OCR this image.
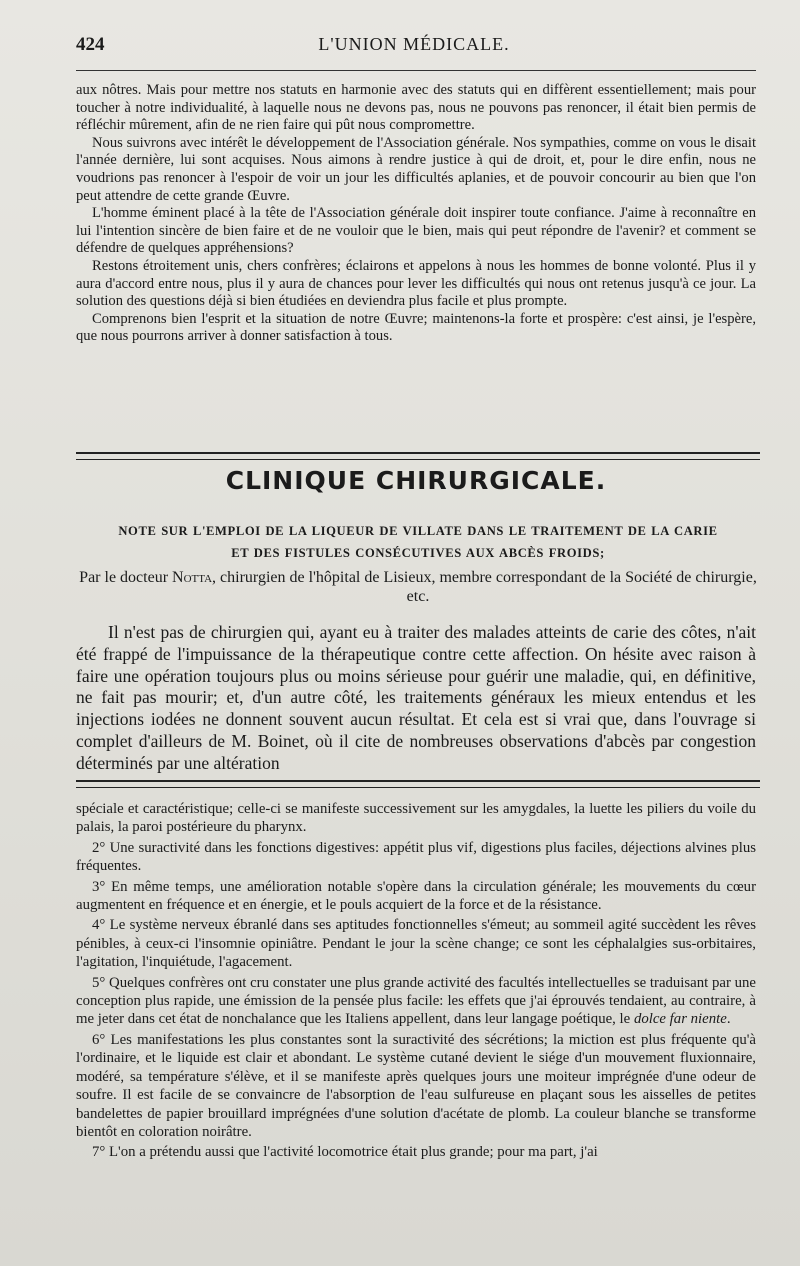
424	L'UNION MÉDICALE.

aux nôtres. Mais pour mettre nos statuts en harmonie avec des statuts qui en diffèrent essentiellement; mais pour toucher à notre individualité, à laquelle nous ne devons pas, nous ne pouvons pas renoncer, il était bien permis de réfléchir mûrement, afin de ne rien faire qui pût nous compromettre.

Nous suivrons avec intérêt le développement de l'Association générale. Nos sympathies, comme on vous le disait l'année dernière, lui sont acquises. Nous aimons à rendre justice à qui de droit, et, pour le dire enfin, nous ne voudrions pas renoncer à l'espoir de voir un jour les difficultés aplanies, et de pouvoir concourir au bien que l'on peut attendre de cette grande Œuvre.

L'homme éminent placé à la tête de l'Association générale doit inspirer toute confiance. J'aime à reconnaître en lui l'intention sincère de bien faire et de ne vouloir que le bien, mais qui peut répondre de l'avenir? et comment se défendre de quelques appréhensions?

Restons étroitement unis, chers confrères; éclairons et appelons à nous les hommes de bonne volonté. Plus il y aura d'accord entre nous, plus il y aura de chances pour lever les difficultés qui nous ont retenus jusqu'à ce jour. La solution des questions déjà si bien étudiées en deviendra plus facile et plus prompte.

Comprenons bien l'esprit et la situation de notre Œuvre; maintenons-la forte et prospère: c'est ainsi, je l'espère, que nous pourrons arriver à donner satisfaction à tous.

CLINIQUE CHIRURGICALE.
NOTE SUR L'EMPLOI DE LA LIQUEUR DE VILLATE DANS LE TRAITEMENT DE LA CARIE
ET DES FISTULES CONSÉCUTIVES AUX ABCÈS FROIDS;
Par le docteur Notta, chirurgien de l'hôpital de Lisieux, membre correspondant de la Société de chirurgie, etc.

Il n'est pas de chirurgien qui, ayant eu à traiter des malades atteints de carie des côtes, n'ait été frappé de l'impuissance de la thérapeutique contre cette affection. On hésite avec raison à faire une opération toujours plus ou moins sérieuse pour guérir une maladie, qui, en définitive, ne fait pas mourir; et, d'un autre côté, les traitements généraux les mieux entendus et les injections iodées ne donnent souvent aucun résultat. Et cela est si vrai que, dans l'ouvrage si complet d'ailleurs de M. Boinet, où il cite de nombreuses observations d'abcès par congestion déterminés par une altération

spéciale et caractéristique; celle-ci se manifeste successivement sur les amygdales, la luette les piliers du voile du palais, la paroi postérieure du pharynx.

2° Une suractivité dans les fonctions digestives: appétit plus vif, digestions plus faciles, déjections alvines plus fréquentes.

3° En même temps, une amélioration notable s'opère dans la circulation générale; les mouvements du cœur augmentent en fréquence et en énergie, et le pouls acquiert de la force et de la résistance.

4° Le système nerveux ébranlé dans ses aptitudes fonctionnelles s'émeut; au sommeil agité succèdent les rêves pénibles, à ceux-ci l'insomnie opiniâtre. Pendant le jour la scène change; ce sont les céphalalgies sus-orbitaires, l'agitation, l'inquiétude, l'agacement.

5° Quelques confrères ont cru constater une plus grande activité des facultés intellectuelles se traduisant par une conception plus rapide, une émission de la pensée plus facile: les effets que j'ai éprouvés tendaient, au contraire, à me jeter dans cet état de nonchalance que les Italiens appellent, dans leur langage poétique, le dolce far niente.

6° Les manifestations les plus constantes sont la suractivité des sécrétions; la miction est plus fréquente qu'à l'ordinaire, et le liquide est clair et abondant. Le système cutané devient le siége d'un mouvement fluxionnaire, modéré, sa température s'élève, et il se manifeste après quelques jours une moiteur imprégnée d'une odeur de soufre. Il est facile de se convaincre de l'absorption de l'eau sulfureuse en plaçant sous les aisselles de petites bandelettes de papier brouillard imprégnées d'une solution d'acétate de plomb. La couleur blanche se transforme bientôt en coloration noirâtre.

7° L'on a prétendu aussi que l'activité locomotrice était plus grande; pour ma part, j'ai
